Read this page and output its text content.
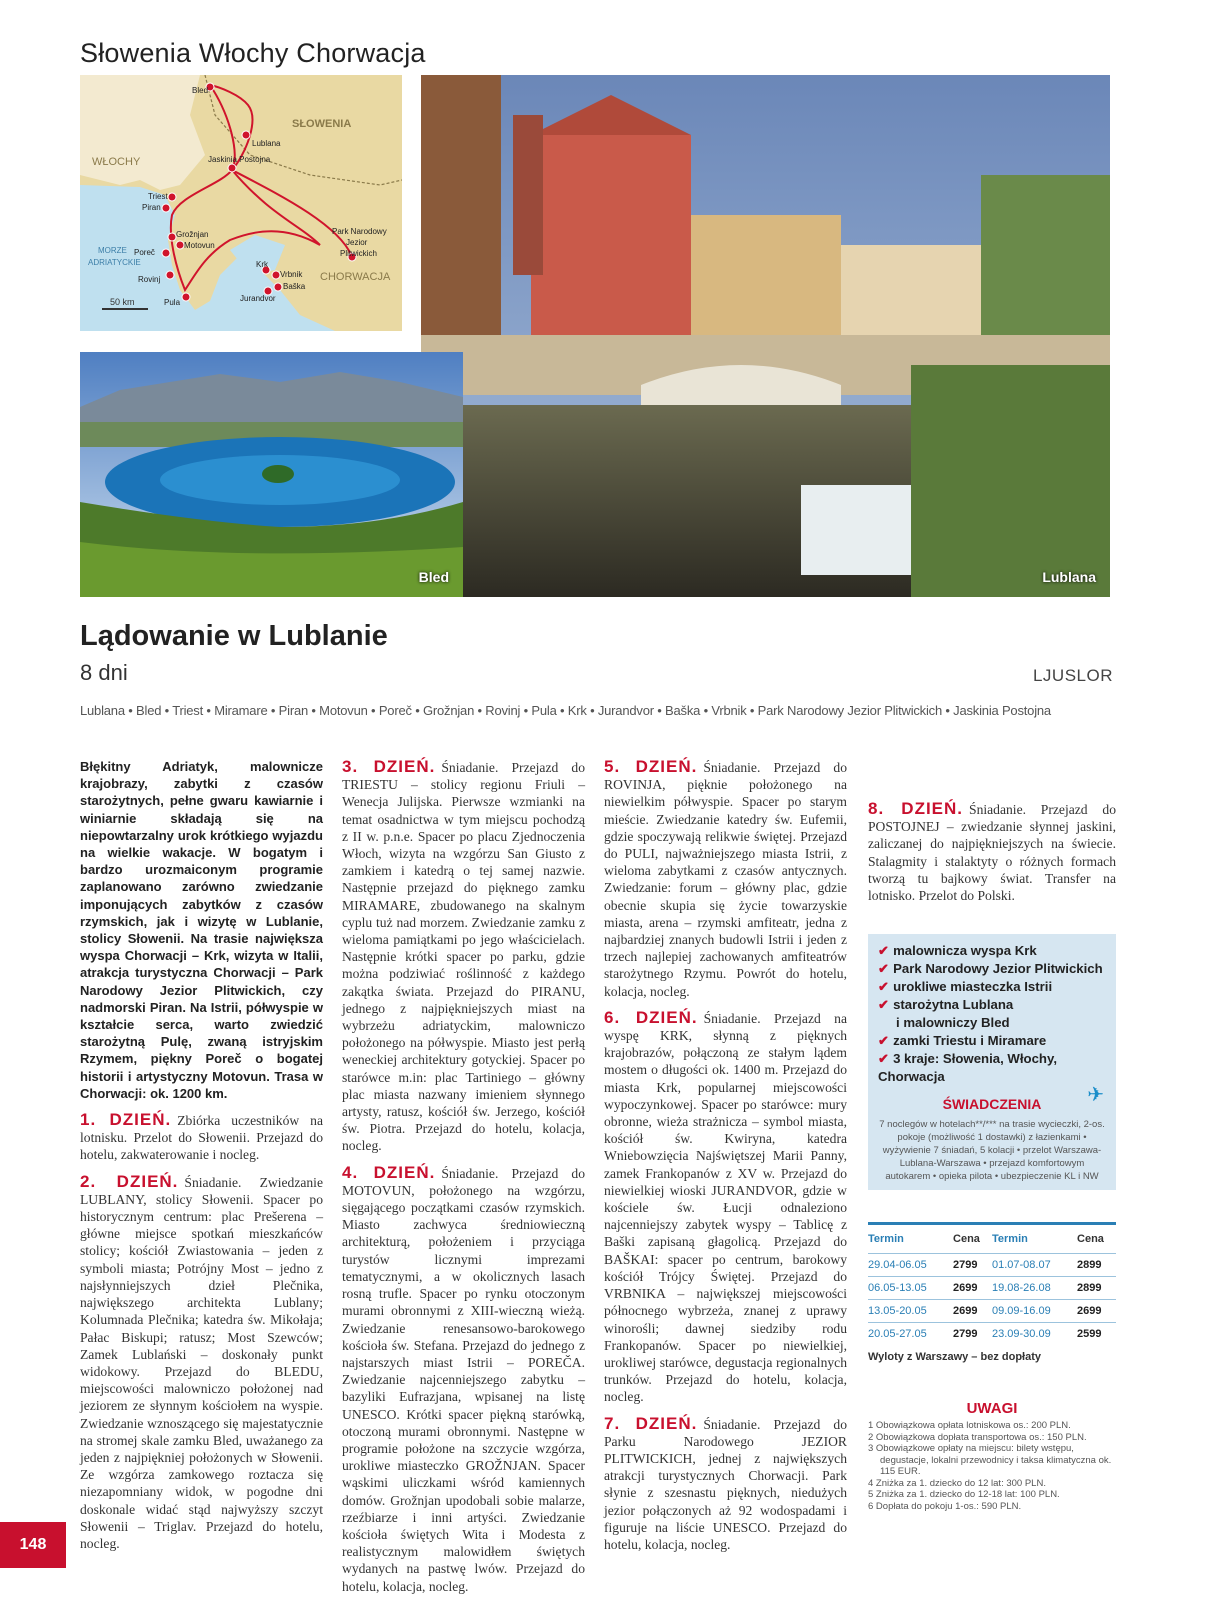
Słowenia Włochy Chorwacja
SŁOWENIA
WŁOCHY
CHORWACJA
MORZE
ADRIATYCKIE
50 km
Bled
Lublana
Jaskinia Postojna
Triest
Piran
Grožnjan
Motovun
Poreč
Rovinj
Pula
Krk
Vrbnik
Baška
Jurandvor
Park Narodowy
Jezior
Plitwickich
Lublana
Bled
Lądowanie w Lublanie
8 dni	LJUSLOR
Lublana • Bled • Triest • Miramare • Piran • Motovun • Poreč • Grožnjan • Rovinj • Pula • Krk • Jurandvor • Baška • Vrbnik • Park Narodowy Jezior Plitwickich • Jaskinia Postojna

Błękitny Adriatyk, malownicze krajobrazy, zabytki z czasów starożytnych, pełne gwaru kawiarnie i winiarnie składają się na niepowtarzalny urok krótkiego wyjazdu na wielkie wakacje. W bogatym i bardzo urozmaiconym programie zaplanowano zarówno zwiedzanie imponujących zabytków z czasów rzymskich, jak i wizytę w Lublanie, stolicy Słowenii. Na trasie największa wyspa Chorwacji – Krk, wizyta w Italii, atrakcja turystyczna Chorwacji – Park Narodowy Jezior Plitwickich, czy nadmorski Piran. Na Istrii, półwyspie w kształcie serca, warto zwiedzić starożytną Pulę, zwaną istryjskim Rzymem, piękny Poreč o bogatej historii i artystyczny Motovun. Trasa w Chorwacji: ok. 1200 km.

1. DZIEŃ. Zbiórka uczestników na lotnisku. Przelot do Słowenii. Przejazd do hotelu, zakwaterowanie i nocleg.

2. DZIEŃ. Śniadanie. Zwiedzanie LUBLANY, stolicy Słowenii. Spacer po historycznym centrum: plac Prešerena – główne miejsce spotkań mieszkańców stolicy; kościół Zwiastowania – jeden z symboli miasta; Potrójny Most – jedno z najsłynniejszych dzieł Plečnika, największego architekta Lublany; Kolumnada Plečnika; katedra św. Mikołaja; Pałac Biskupi; ratusz; Most Szewców; Zamek Lublański – doskonały punkt widokowy. Przejazd do BLEDU, miejscowości malowniczo położonej nad jeziorem ze słynnym kościołem na wyspie. Zwiedzanie wznoszącego się majestatycznie na stromej skale zamku Bled, uważanego za jeden z najpiękniej położonych w Słowenii. Ze wzgórza zamkowego roztacza się niezapomniany widok, w pogodne dni doskonale widać stąd najwyższy szczyt Słowenii – Triglav. Przejazd do hotelu, nocleg.

3. DZIEŃ. Śniadanie. Przejazd do TRIESTU – stolicy regionu Friuli – Wenecja Julijska. Pierwsze wzmianki na temat osadnictwa w tym miejscu pochodzą z II w. p.n.e. Spacer po placu Zjednoczenia Włoch, wizyta na wzgórzu San Giusto z zamkiem i katedrą o tej samej nazwie. Następnie przejazd do pięknego zamku MIRAMARE, zbudowanego na skalnym cyplu tuż nad morzem. Zwiedzanie zamku z wieloma pamiątkami po jego właścicielach. Następnie krótki spacer po parku, gdzie można podziwiać roślinność z każdego zakątka świata. Przejazd do PIRANU, jednego z najpiękniejszych miast na wybrzeżu adriatyckim, malowniczo położonego na półwyspie. Miasto jest perłą weneckiej architektury gotyckiej. Spacer po starówce m.in: plac Tartiniego – główny plac miasta nazwany imieniem słynnego artysty, ratusz, kościół św. Jerzego, kościół św. Piotra. Przejazd do hotelu, kolacja, nocleg.

4. DZIEŃ. Śniadanie. Przejazd do MOTOVUN, położonego na wzgórzu, sięgającego początkami czasów rzymskich. Miasto zachwyca średniowieczną architekturą, położeniem i przyciąga turystów licznymi imprezami tematycznymi, a w okolicznych lasach rosną trufle. Spacer po rynku otoczonym murami obronnymi z XIII-wieczną wieżą. Zwiedzanie renesansowo-barokowego kościoła św. Stefana. Przejazd do jednego z najstarszych miast Istrii – POREČA. Zwiedzanie najcenniejszego zabytku – bazyliki Eufrazjana, wpisanej na listę UNESCO. Krótki spacer piękną starówką, otoczoną murami obronnymi. Następne w programie położone na szczycie wzgórza, urokliwe miasteczko GROŽNJAN. Spacer wąskimi uliczkami wśród kamiennych domów. Grožnjan upodobali sobie malarze, rzeźbiarze i inni artyści. Zwiedzanie kościoła świętych Wita i Modesta z realistycznym malowidłem świętych wydanych na pastwę lwów. Przejazd do hotelu, kolacja, nocleg.

5. DZIEŃ. Śniadanie. Przejazd do ROVINJA, pięknie położonego na niewielkim półwyspie. Spacer po starym mieście. Zwiedzanie katedry św. Eufemii, gdzie spoczywają relikwie świętej. Przejazd do PULI, najważniejszego miasta Istrii, z wieloma zabytkami z czasów antycznych. Zwiedzanie: forum – główny plac, gdzie obecnie skupia się życie towarzyskie miasta, arena – rzymski amfiteatr, jedna z najbardziej znanych budowli Istrii i jeden z trzech najlepiej zachowanych amfiteatrów starożytnego Rzymu. Powrót do hotelu, kolacja, nocleg.

6. DZIEŃ. Śniadanie. Przejazd na wyspę KRK, słynną z pięknych krajobrazów, połączoną ze stałym lądem mostem o długości ok. 1400 m. Przejazd do miasta Krk, popularnej miejscowości wypoczynkowej. Spacer po starówce: mury obronne, wieża strażnicza – symbol miasta, kościół św. Kwiryna, katedra Wniebowzięcia Najświętszej Marii Panny, zamek Frankopanów z XV w. Przejazd do niewielkiej wioski JURANDVOR, gdzie w kościele św. Łucji odnaleziono najcenniejszy zabytek wyspy – Tablicę z Baški zapisaną głagolicą. Przejazd do BAŠKAI: spacer po centrum, barokowy kościół Trójcy Świętej. Przejazd do VRBNIKA – największej miejscowości północnego wybrzeża, znanej z uprawy winorośli; dawnej siedziby rodu Frankopanów. Spacer po niewielkiej, urokliwej starówce, degustacja regionalnych trunków. Przejazd do hotelu, kolacja, nocleg.

7. DZIEŃ. Śniadanie. Przejazd do Parku Narodowego JEZIOR PLITWICKICH, jednej z największych atrakcji turystycznych Chorwacji. Park słynie z szesnastu pięknych, niedużych jezior połączonych aż 92 wodospadami i figuruje na liście UNESCO. Przejazd do hotelu, kolacja, nocleg.

8. DZIEŃ. Śniadanie. Przejazd do POSTOJNEJ – zwiedzanie słynnej jaskini, zaliczanej do najpiękniejszych na świecie. Stalagmity i stalaktyty o różnych formach tworzą tu bajkowy świat. Transfer na lotnisko. Przelot do Polski.

✔ malownicza wyspa Krk
✔ Park Narodowy Jezior Plitwickich
✔ urokliwe miasteczka Istrii
✔ starożytna Lublana
i malowniczy Bled
✔ zamki Triestu i Miramare
✔ 3 kraje: Słowenia, Włochy, Chorwacja
✈
ŚWIADCZENIA
7 noclegów w hotelach**/*** na trasie wycieczki, 2-os. pokoje (możliwość 1 dostawki) z łazienkami • wyżywienie 7 śniadań, 5 kolacji • przelot Warszawa-Lublana-Warszawa • przejazd komfortowym autokarem • opieka pilota • ubezpieczenie KL i NW
Termin	Cena	Termin	Cena
29.04-06.05	2799	01.07-08.07	2899
06.05-13.05	2699	19.08-26.08	2899
13.05-20.05	2699	09.09-16.09	2699
20.05-27.05	2799	23.09-30.09	2599
Wyloty z Warszawy – bez dopłaty
UWAGI
1 Obowiązkowa opłata lotniskowa os.: 200 PLN.
2 Obowiązkowa dopłata transportowa os.: 150 PLN.
3 Obowiązkowe opłaty na miejscu: bilety wstępu, degustacje, lokalni przewodnicy i taksa klimatyczna ok. 115 EUR.
4 Zniżka za 1. dziecko do 12 lat: 300 PLN.
5 Zniżka za 1. dziecko do 12-18 lat: 100 PLN.
6 Dopłata do pokoju 1-os.: 590 PLN.
148
